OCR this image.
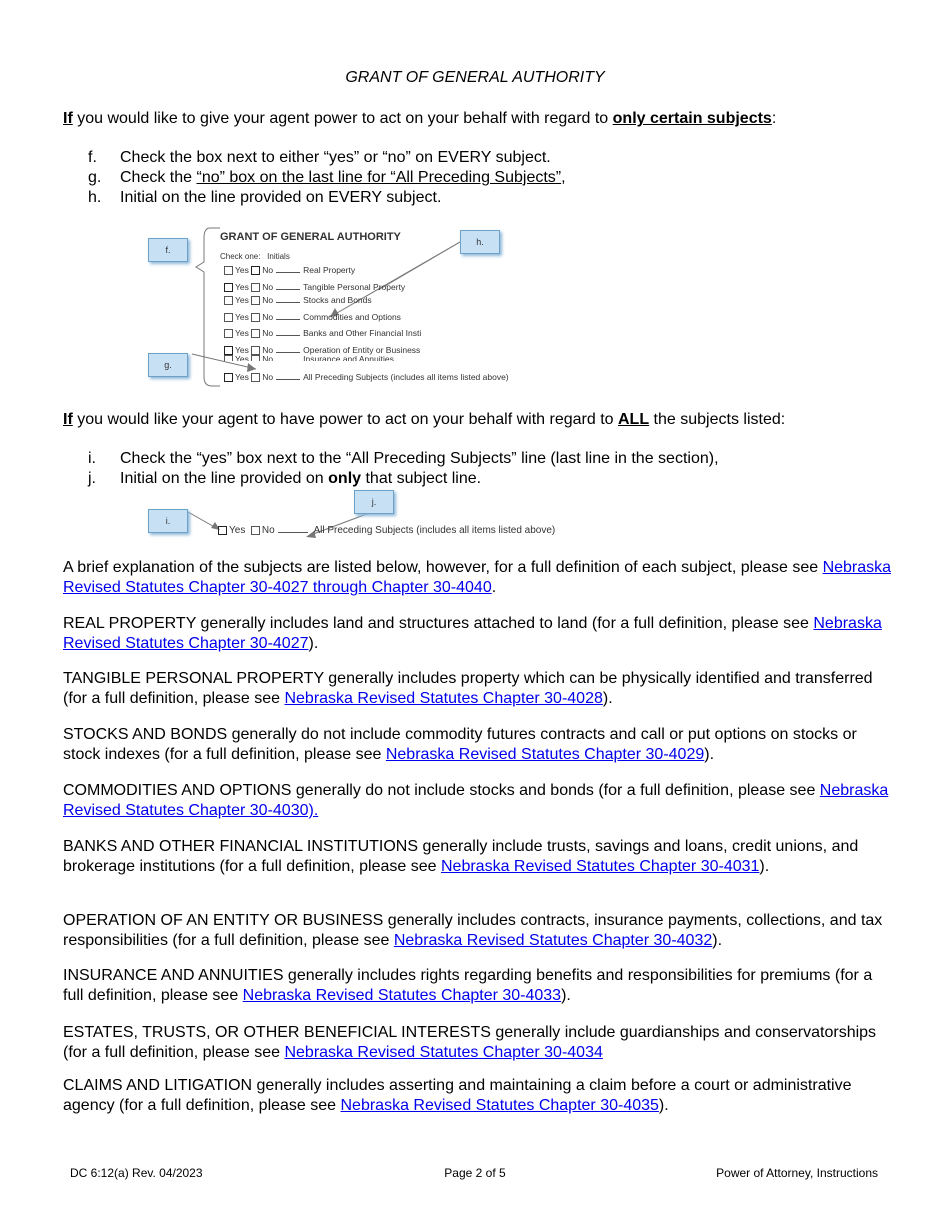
GRANT OF GENERAL AUTHORITY

If you would like to give your agent power to act on your behalf with regard to only certain subjects:

f.	Check the box next to either “yes” or “no” on EVERY subject.
g.	Check the “no” box on the last line for “All Preceding Subjects”,
h.	Initial on the line provided on EVERY subject.
f.
g.
h.
GRANT OF GENERAL AUTHORITY
Check one: Initials
Yes No	Real Property
Yes No	Tangible Personal Property
Yes No	Stocks and Bonds
Yes No	Commodities and Options
Yes No	Banks and Other Financial Insti
Yes No	Operation of Entity or Business
Yes No	Insurance and Annuities
Yes No	All Preceding Subjects (includes all items listed above)

If you would like your agent to have power to act on your behalf with regard to ALL the subjects listed:

i.	Check the “yes” box next to the “All Preceding Subjects” line (last line in the section),
j.	Initial on the line provided on only that subject line.
i.
j.
Yes No	All Preceding Subjects (includes all items listed above)

A brief explanation of the subjects are listed below, however, for a full definition of each subject, please see Nebraska Revised Statutes Chapter 30-4027 through Chapter 30-4040.

REAL PROPERTY generally includes land and structures attached to land (for a full definition, please see Nebraska Revised Statutes Chapter 30-4027).

TANGIBLE PERSONAL PROPERTY generally includes property which can be physically identified and transferred (for a full definition, please see Nebraska Revised Statutes Chapter 30-4028).

STOCKS AND BONDS generally do not include commodity futures contracts and call or put options on stocks or stock indexes (for a full definition, please see Nebraska Revised Statutes Chapter 30-4029).

COMMODITIES AND OPTIONS generally do not include stocks and bonds (for a full definition, please see Nebraska Revised Statutes Chapter 30-4030).

BANKS AND OTHER FINANCIAL INSTITUTIONS generally include trusts, savings and loans, credit unions, and brokerage institutions (for a full definition, please see Nebraska Revised Statutes Chapter 30-4031).

OPERATION OF AN ENTITY OR BUSINESS generally includes contracts, insurance payments, collections, and tax responsibilities (for a full definition, please see Nebraska Revised Statutes Chapter 30-4032).

INSURANCE AND ANNUITIES generally includes rights regarding benefits and responsibilities for premiums (for a full definition, please see Nebraska Revised Statutes Chapter 30-4033).

ESTATES, TRUSTS, OR OTHER BENEFICIAL INTERESTS generally include guardianships and conservatorships (for a full definition, please see Nebraska Revised Statutes Chapter 30-4034

CLAIMS AND LITIGATION generally includes asserting and maintaining a claim before a court or administrative agency (for a full definition, please see Nebraska Revised Statutes Chapter 30-4035).

DC 6:12(a) Rev. 04/2023	Page 2 of 5	Power of Attorney, Instructions
